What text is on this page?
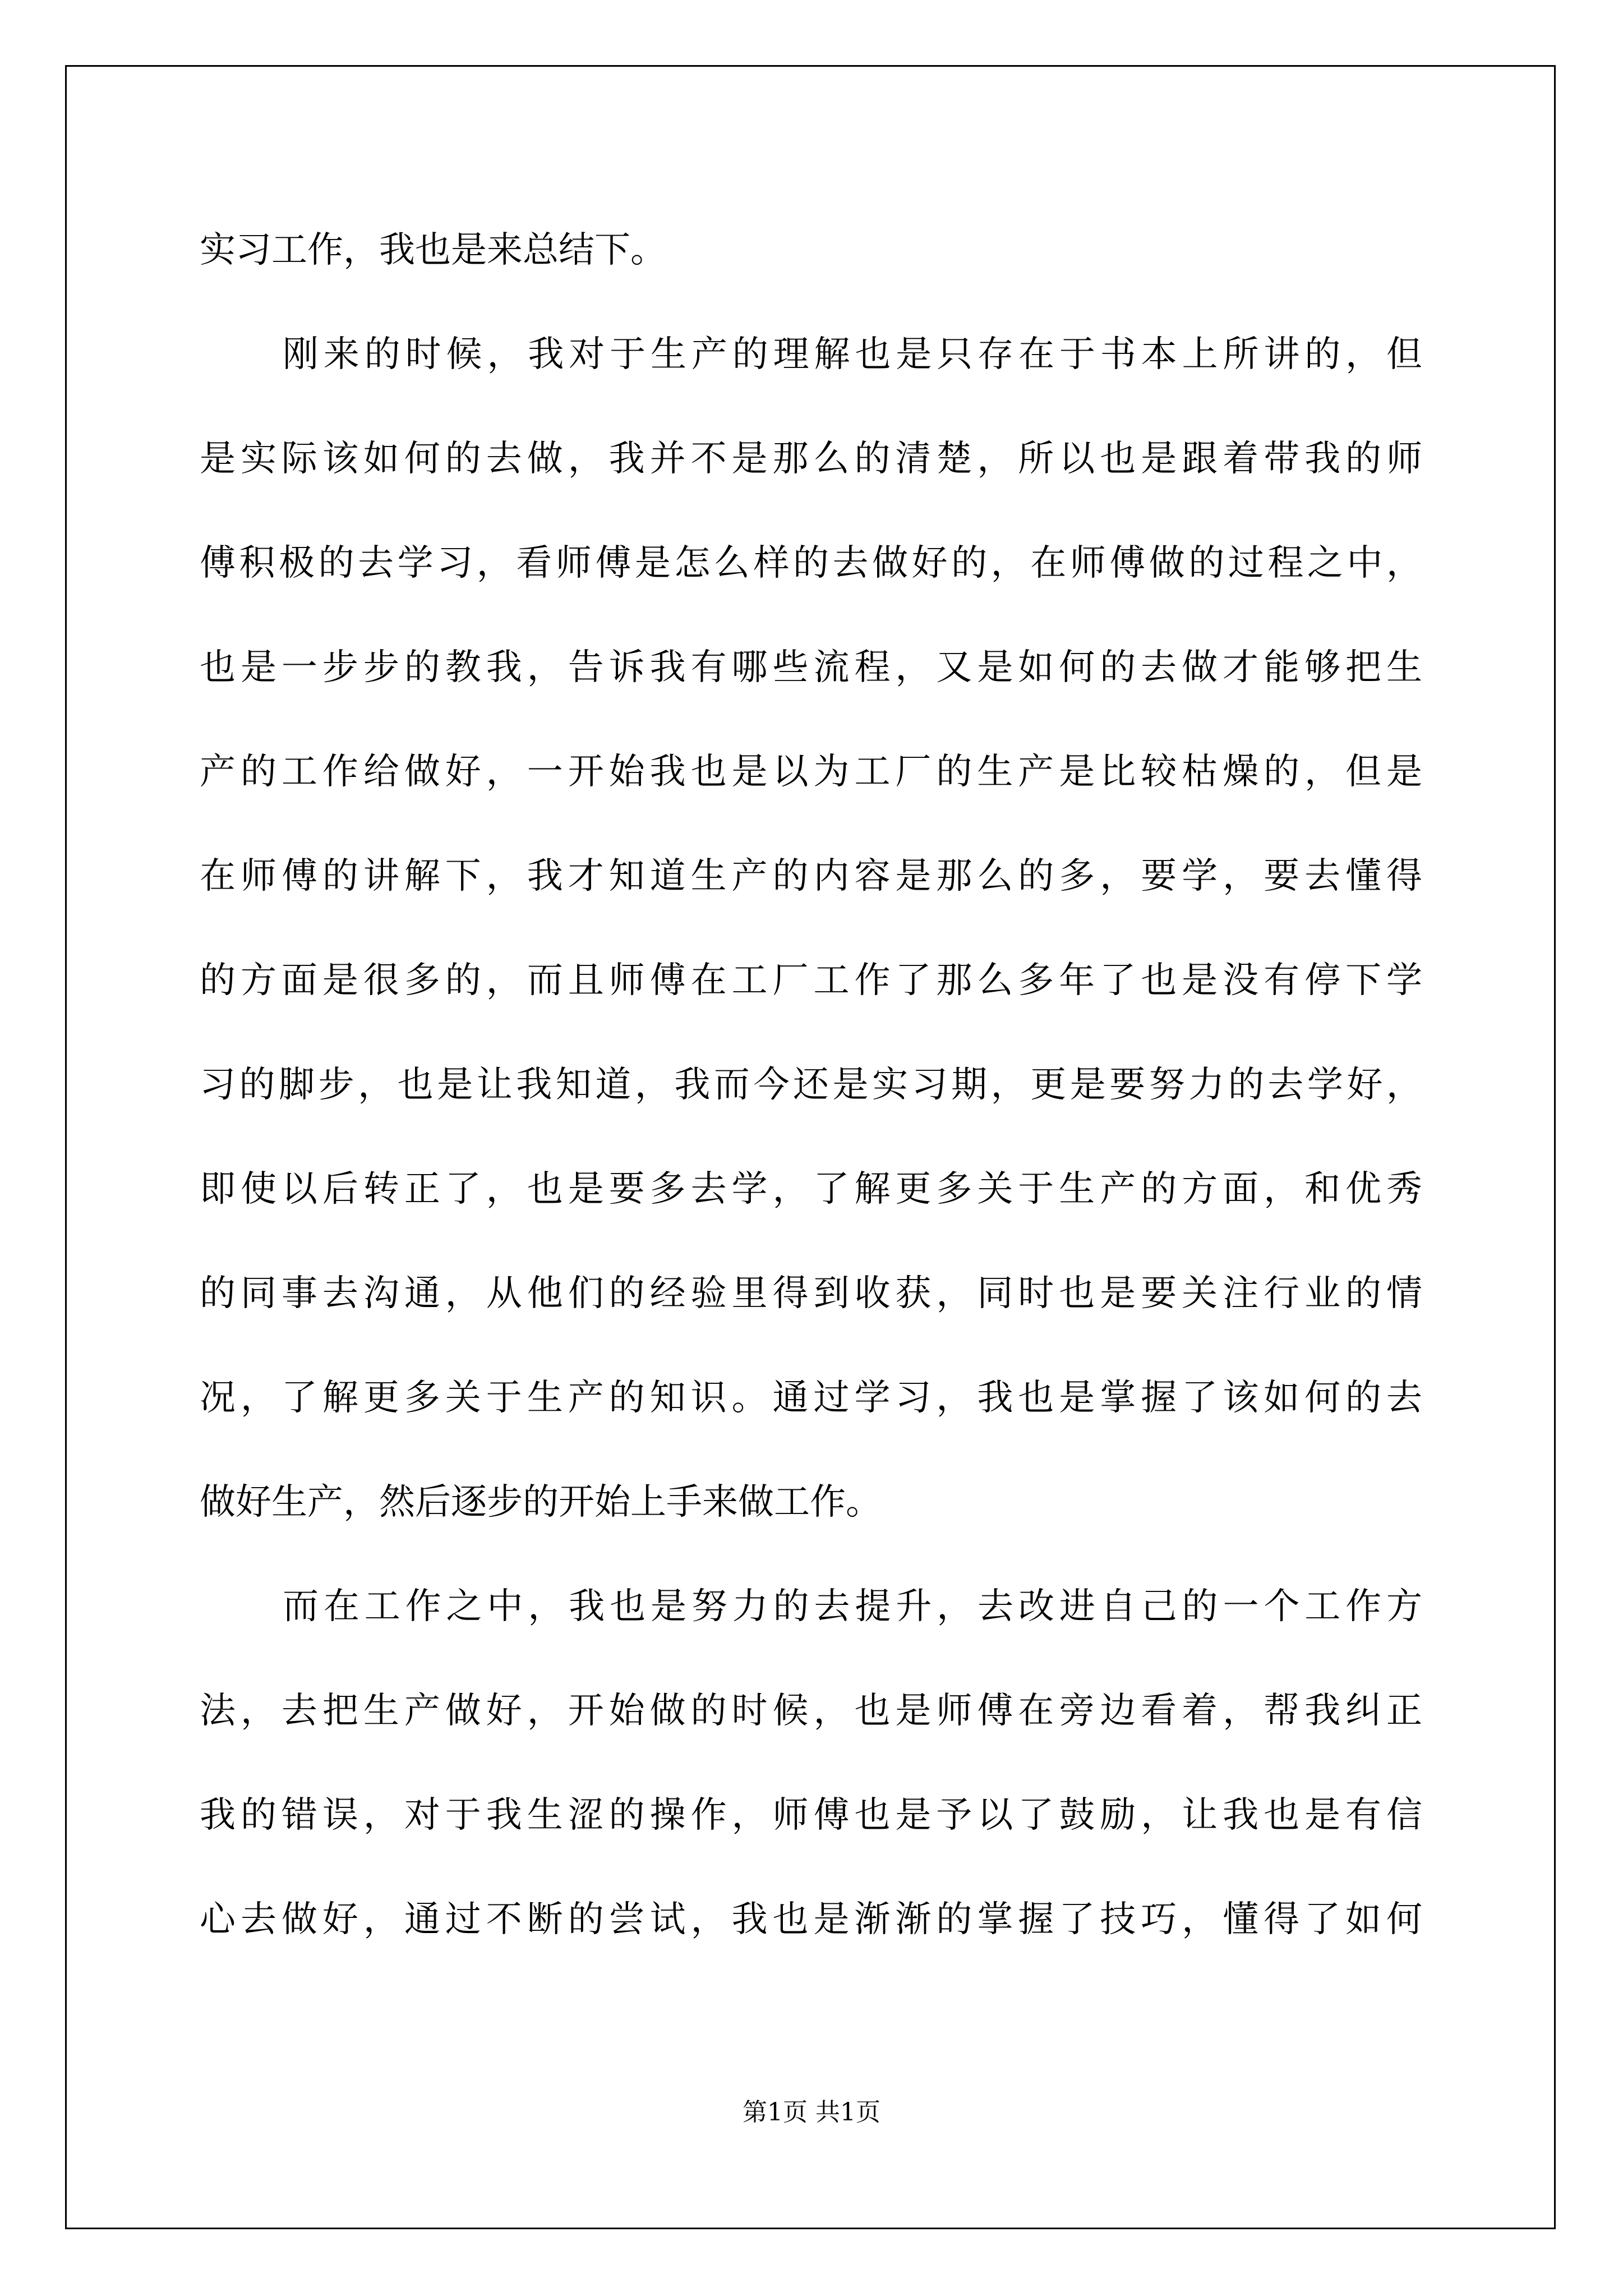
实习工作，我也是来总结下。
刚来的时候，我对于生产的理解也是只存在于书本上所讲的，但
是实际该如何的去做，我并不是那么的清楚，所以也是跟着带我的师
傅积极的去学习，看师傅是怎么样的去做好的，在师傅做的过程之中，
也是一步步的教我，告诉我有哪些流程，又是如何的去做才能够把生
产的工作给做好，一开始我也是以为工厂的生产是比较枯燥的，但是
在师傅的讲解下，我才知道生产的内容是那么的多，要学，要去懂得
的方面是很多的，而且师傅在工厂工作了那么多年了也是没有停下学
习的脚步，也是让我知道，我而今还是实习期，更是要努力的去学好，
即使以后转正了，也是要多去学，了解更多关于生产的方面，和优秀
的同事去沟通，从他们的经验里得到收获，同时也是要关注行业的情
况，了解更多关于生产的知识。通过学习，我也是掌握了该如何的去
做好生产，然后逐步的开始上手来做工作。
而在工作之中，我也是努力的去提升，去改进自己的一个工作方
法，去把生产做好，开始做的时候，也是师傅在旁边看着，帮我纠正
我的错误，对于我生涩的操作，师傅也是予以了鼓励，让我也是有信
心去做好，通过不断的尝试，我也是渐渐的掌握了技巧，懂得了如何
第1页 共1页
